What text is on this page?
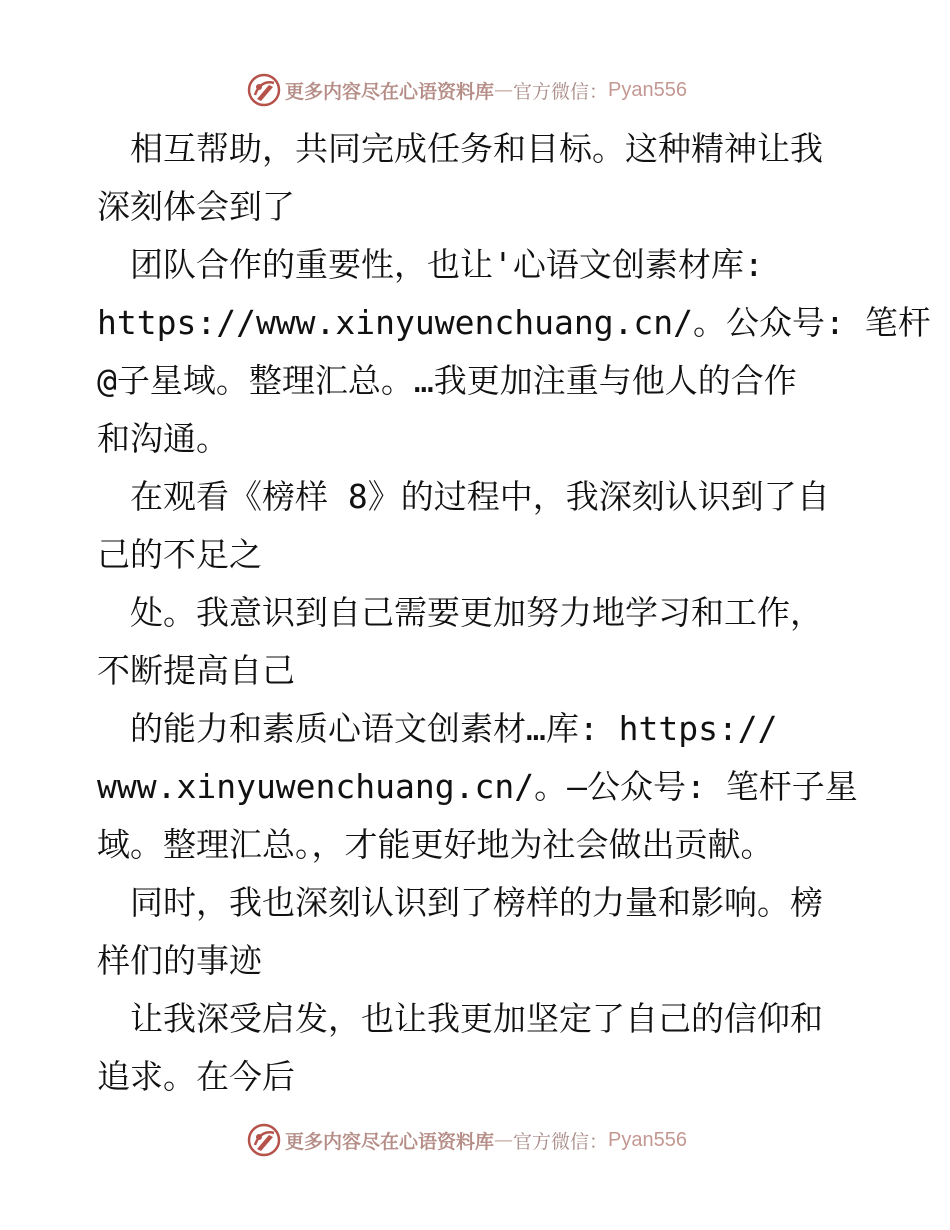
更多内容尽在心语资料库 — 官方微信： Pyan556
　相互帮助，共同完成任务和目标。这种精神让我
深刻体会到了
　团队合作的重要性，也让'心语文创素材库:
https://www.xinyuwenchuang.cn/。公众号: 笔杆
@子星域。整理汇总。…我更加注重与他人的合作
和沟通。
　在观看《榜样 8》的过程中，我深刻认识到了自
己的不足之
　处。我意识到自己需要更加努力地学习和工作，
不断提高自己
　的能力和素质心语文创素材…库: https://
www.xinyuwenchuang.cn/。—公众号: 笔杆子星
域。整理汇总。，才能更好地为社会做出贡献。
　同时，我也深刻认识到了榜样的力量和影响。榜
样们的事迹
　让我深受启发，也让我更加坚定了自己的信仰和
追求。在今后
更多内容尽在心语资料库 — 官方微信： Pyan556
